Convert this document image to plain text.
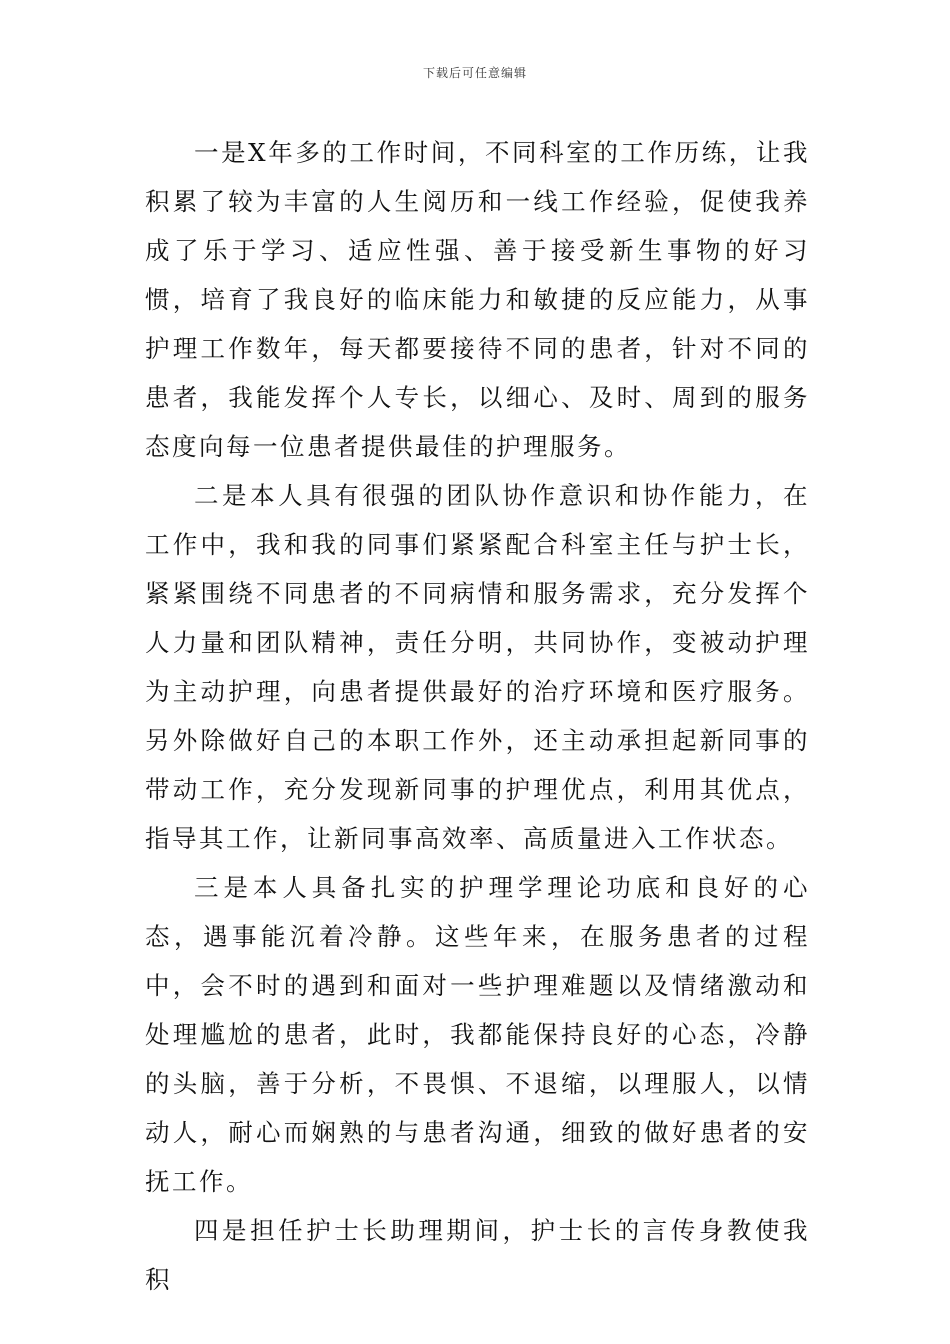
下载后可任意编辑

一是X年多的工作时间，不同科室的工作历练，让我积累了较为丰富的人生阅历和一线工作经验，促使我养成了乐于学习、适应性强、善于接受新生事物的好习惯，培育了我良好的临床能力和敏捷的反应能力，从事护理工作数年，每天都要接待不同的患者，针对不同的患者，我能发挥个人专长，以细心、及时、周到的服务态度向每一位患者提供最佳的护理服务。

二是本人具有很强的团队协作意识和协作能力，在工作中，我和我的同事们紧紧配合科室主任与护士长，紧紧围绕不同患者的不同病情和服务需求，充分发挥个人力量和团队精神，责任分明，共同协作，变被动护理为主动护理，向患者提供最好的治疗环境和医疗服务。另外除做好自己的本职工作外，还主动承担起新同事的带动工作，充分发现新同事的护理优点，利用其优点，指导其工作，让新同事高效率、高质量进入工作状态。

三是本人具备扎实的护理学理论功底和良好的心态，遇事能沉着冷静。这些年来，在服务患者的过程中，会不时的遇到和面对一些护理难题以及情绪激动和处理尴尬的患者，此时，我都能保持良好的心态，冷静的头脑，善于分析，不畏惧、不退缩，以理服人，以情动人，耐心而娴熟的与患者沟通，细致的做好患者的安抚工作。

四是担任护士长助理期间，护士长的言传身教使我积
